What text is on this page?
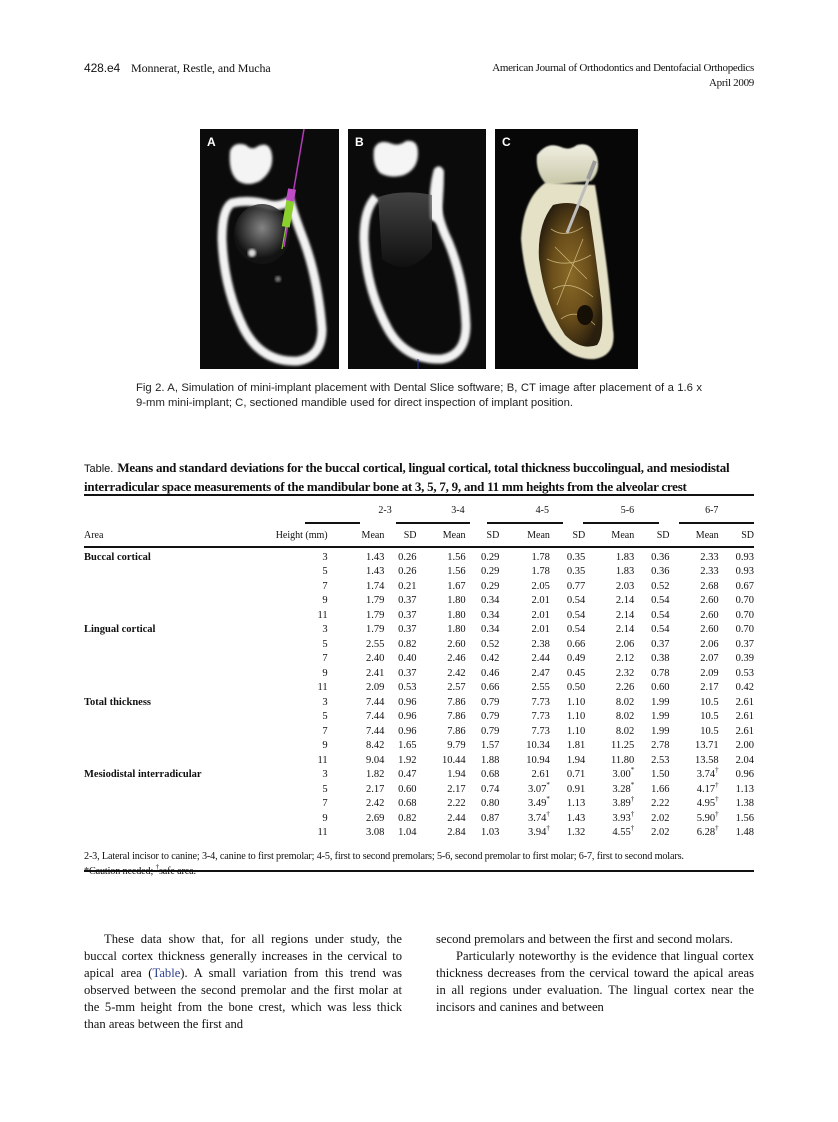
428.e4 Monnerat, Restle, and Mucha	American Journal of Orthodontics and Dentofacial Orthopedics
April 2009
A	B	C
Fig 2. A, Simulation of mini-implant placement with Dental Slice software; B, CT image after placement of a 1.6 x 9-mm mini-implant; C, sectioned mandible used for direct inspection of implant position.
Table. Means and standard deviations for the buccal cortical, lingual cortical, total thickness buccolingual, and mesiodistal interradicular space measurements of the mandibular bone at 3, 5, 7, 9, and 11 mm heights from the alveolar crest
		2-3		3-4		4-5		5-6		6-7	
Area	Height (mm)	Mean	SD	Mean	SD	Mean	SD	Mean	SD	Mean	SD
Buccal cortical	3	1.43	0.26	1.56	0.29	1.78	0.35	1.83	0.36	2.33	0.93
	5	1.43	0.26	1.56	0.29	1.78	0.35	1.83	0.36	2.33	0.93
	7	1.74	0.21	1.67	0.29	2.05	0.77	2.03	0.52	2.68	0.67
	9	1.79	0.37	1.80	0.34	2.01	0.54	2.14	0.54	2.60	0.70
	11	1.79	0.37	1.80	0.34	2.01	0.54	2.14	0.54	2.60	0.70
Lingual cortical	3	1.79	0.37	1.80	0.34	2.01	0.54	2.14	0.54	2.60	0.70
	5	2.55	0.82	2.60	0.52	2.38	0.66	2.06	0.37	2.06	0.37
	7	2.40	0.40	2.46	0.42	2.44	0.49	2.12	0.38	2.07	0.39
	9	2.41	0.37	2.42	0.46	2.47	0.45	2.32	0.78	2.09	0.53
	11	2.09	0.53	2.57	0.66	2.55	0.50	2.26	0.60	2.17	0.42
Total thickness	3	7.44	0.96	7.86	0.79	7.73	1.10	8.02	1.99	10.5	2.61
	5	7.44	0.96	7.86	0.79	7.73	1.10	8.02	1.99	10.5	2.61
	7	7.44	0.96	7.86	0.79	7.73	1.10	8.02	1.99	10.5	2.61
	9	8.42	1.65	9.79	1.57	10.34	1.81	11.25	2.78	13.71	2.00
	11	9.04	1.92	10.44	1.88	10.94	1.94	11.80	2.53	13.58	2.04
Mesiodistal interradicular	3	1.82	0.47	1.94	0.68	2.61	0.71	3.00*	1.50	3.74†	0.96
	5	2.17	0.60	2.17	0.74	3.07*	0.91	3.28*	1.66	4.17†	1.13
	7	2.42	0.68	2.22	0.80	3.49*	1.13	3.89†	2.22	4.95†	1.38
	9	2.69	0.82	2.44	0.87	3.74†	1.43	3.93†	2.02	5.90†	1.56
	11	3.08	1.04	2.84	1.03	3.94†	1.32	4.55†	2.02	6.28†	1.48
2-3, Lateral incisor to canine; 3-4, canine to first premolar; 4-5, first to second premolars; 5-6, second premolar to first molar; 6-7, first to second molars.
*Caution needed; †safe area.

These data show that, for all regions under study, the buccal cortex thickness generally increases in the cervical to apical area (Table). A small variation from this trend was observed between the second premolar and the first molar at the 5-mm height from the bone crest, which was less thick than areas between the first and

second premolars and between the first and second molars.

Particularly noteworthy is the evidence that lingual cortex thickness decreases from the cervical toward the apical areas in all regions under evaluation. The lingual cortex near the incisors and canines and between
